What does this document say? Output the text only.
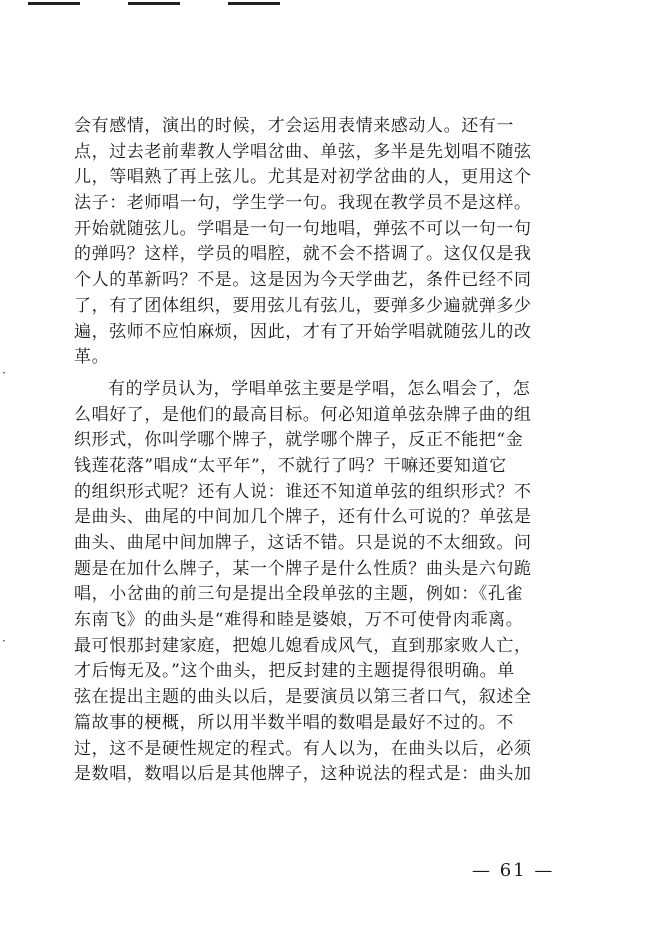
·
·
会有感情，演出的时候，才会运用表情来感动人。还有一
点，过去老前辈教人学唱岔曲、单弦，多半是先划唱不随弦
儿，等唱熟了再上弦儿。尤其是对初学岔曲的人，更用这个
法子：老师唱一句，学生学一句。我现在教学员不是这样。
开始就随弦儿。学唱是一句一句地唱，弹弦不可以一句一句
的弹吗？这样，学员的唱腔，就不会不搭调了。这仅仅是我
个人的革新吗？不是。这是因为今天学曲艺，条件已经不同
了，有了团体组织，要用弦儿有弦儿，要弹多少遍就弹多少
遍，弦师不应怕麻烦，因此，才有了开始学唱就随弦儿的改
革。
有的学员认为，学唱单弦主要是学唱，怎么唱会了，怎
么唱好了，是他们的最高目标。何必知道单弦杂牌子曲的组
织形式，你叫学哪个牌子，就学哪个牌子，反正不能把“金
钱莲花落”唱成“太平年”，不就行了吗？干嘛还要知道它
的组织形式呢？还有人说：谁还不知道单弦的组织形式？不
是曲头、曲尾的中间加几个牌子，还有什么可说的？单弦是
曲头、曲尾中间加牌子，这话不错。只是说的不太细致。问
题是在加什么牌子，某一个牌子是什么性质？曲头是六句跪
唱，小岔曲的前三句是提出全段单弦的主题，例如：《孔雀
东南飞》的曲头是“难得和睦是婆娘，万不可使骨肉乖离。
最可恨那封建家庭，把媳儿媳看成风气，直到那家败人亡，
才后悔无及。”这个曲头，把反封建的主题提得很明确。单
弦在提出主题的曲头以后，是要演员以第三者口气，叙述全
篇故事的梗概，所以用半数半唱的数唱是最好不过的。不
过，这不是硬性规定的程式。有人以为，在曲头以后，必须
是数唱，数唱以后是其他牌子，这种说法的程式是：曲头加
— 61 —
